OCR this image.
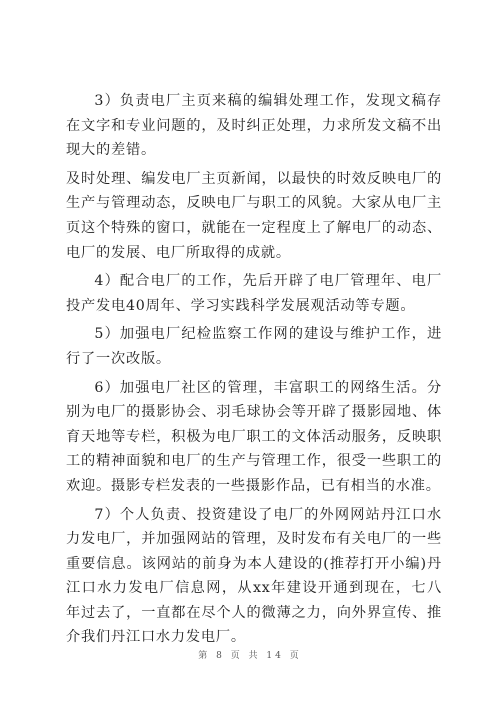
3）负责电厂主页来稿的编辑处理工作，发现文稿存在文字和专业问题的，及时纠正处理，力求所发文稿不出现大的差错。

及时处理、编发电厂主页新闻，以最快的时效反映电厂的生产与管理动态，反映电厂与职工的风貌。大家从电厂主页这个特殊的窗口，就能在一定程度上了解电厂的动态、电厂的发展、电厂所取得的成就。

4）配合电厂的工作，先后开辟了电厂管理年、电厂投产发电40周年、学习实践科学发展观活动等专题。

5）加强电厂纪检监察工作网的建设与维护工作，进行了一次改版。

6）加强电厂社区的管理，丰富职工的网络生活。分别为电厂的摄影协会、羽毛球协会等开辟了摄影园地、体育天地等专栏，积极为电厂职工的文体活动服务，反映职工的精神面貌和电厂的生产与管理工作，很受一些职工的欢迎。摄影专栏发表的一些摄影作品，已有相当的水准。

7）个人负责、投资建设了电厂的外网网站丹江口水力发电厂，并加强网站的管理，及时发布有关电厂的一些重要信息。该网站的前身为本人建设的(推荐打开小编)丹江口水力发电厂信息网，从xx年建设开通到现在，七八年过去了，一直都在尽个人的微薄之力，向外界宣传、推介我们丹江口水力发电厂。

第 8 页 共 14 页
